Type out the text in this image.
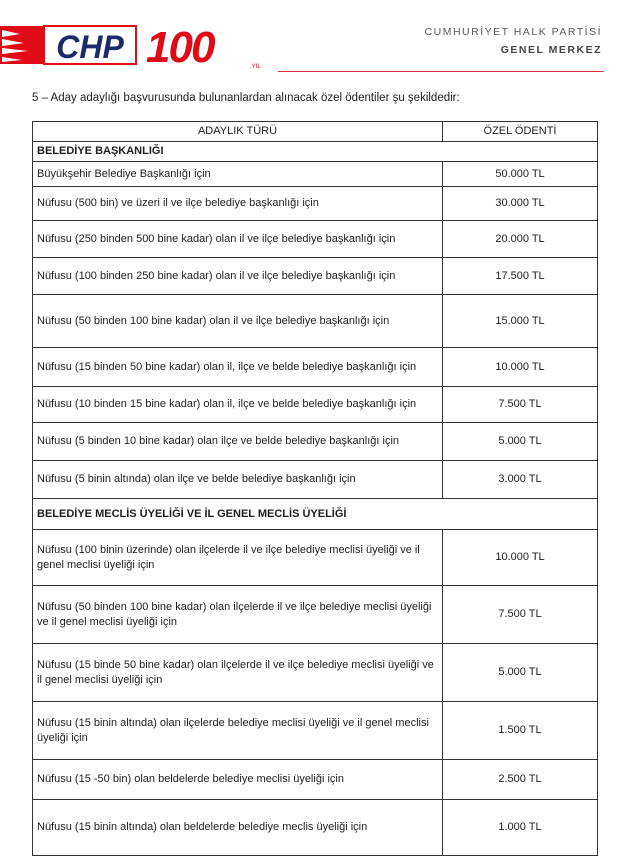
CHP 100	.YIL
CUMHURİYET HALK PARTİSİ
GENEL MERKEZ
5 – Aday adaylığı başvurusunda bulunanlardan alınacak özel ödentiler şu şekildedir:
ADAYLIK TÜRÜ	ÖZEL ÖDENTİ
BELEDİYE BAŞKANLIĞI	
Büyükşehir Belediye Başkanlığı için	50.000 TL
Nüfusu (500 bin) ve üzeri il ve ilçe belediye başkanlığı için	30.000 TL
Nüfusu (250 binden 500 bine kadar) olan il ve ilçe belediye başkanlığı için	20.000 TL
Nüfusu (100 binden 250 bine kadar) olan il ve ilçe belediye başkanlığı için	17.500 TL
Nüfusu (50 binden 100 bine kadar) olan il ve ilçe belediye başkanlığı için	15.000 TL
Nüfusu (15 binden 50 bine kadar) olan il, ilçe ve belde belediye başkanlığı için	10.000 TL
Nüfusu (10 binden 15 bine kadar) olan il, ilçe ve belde belediye başkanlığı için	7.500 TL
Nüfusu (5 binden 10 bine kadar) olan ilçe ve belde belediye başkanlığı için	5.000 TL
Nüfusu (5 binin altında) olan ilçe ve belde belediye başkanlığı için	3.000 TL
BELEDİYE MECLİS ÜYELİĞİ VE İL GENEL MECLİS ÜYELİĞİ	
Nüfusu (100 binin üzerinde) olan ilçelerde il ve ilçe belediye meclisi üyeliği ve il genel meclisi üyeliği için	10.000 TL
Nüfusu (50 binden 100 bine kadar) olan ilçelerde il ve ilçe belediye meclisi üyeliği ve il genel meclisi üyeliği için	7.500 TL
Nüfusu (15 binde 50 bine kadar) olan ilçelerde il ve ilçe belediye meclisi üyeliği ve il genel meclisi üyeliği için	5.000 TL
Nüfusu (15 binin altında) olan ilçelerde belediye meclisi üyeliği ve il genel meclisi üyeliği için	1.500 TL
Nüfusu (15 -50 bin) olan beldelerde belediye meclisi üyeliği için	2.500 TL
Nüfusu (15 binin altında) olan beldelerde belediye meclis üyeliği için	1.000 TL
